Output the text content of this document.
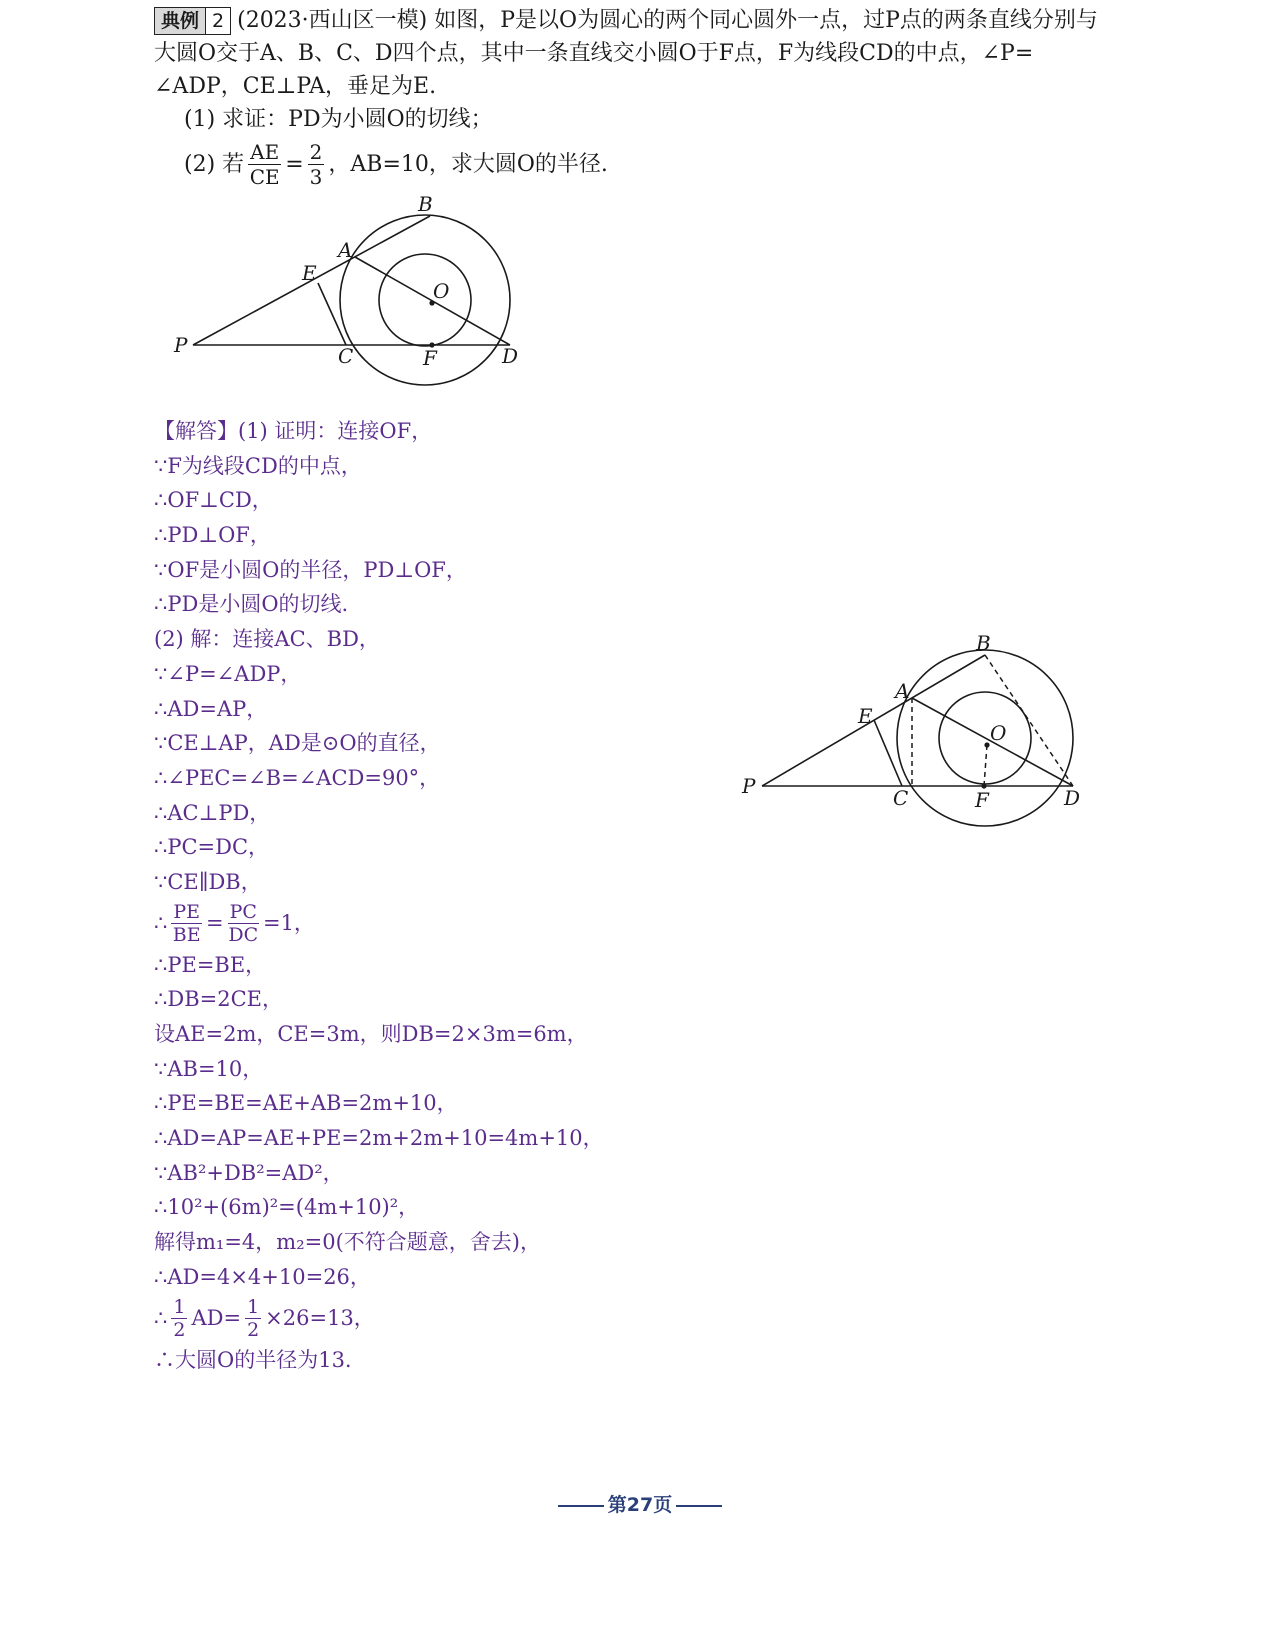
典例 2 (2023·西山区一模) 如图，P是以O为圆心的两个同心圆外一点，过P点的两条直线分别与

大圆O交于A、B、C、D四个点，其中一条直线交小圆O于F点，F为线段CD的中点，∠P=

∠ADP，CE⊥PA，垂足为E.

(1) 求证：PD为小圆O的切线；

(2) 若 $\frac{AE}{CE} = \frac{2}{3}$ ，AB=10，求大圆O的半径.
B
A
E
O
P	C	F	D
【解答】(1) 证明：连接OF，
∵F为线段CD的中点，
∴OF⊥CD，
∴PD⊥OF，
∵OF是小圆O的半径，PD⊥OF，
∴PD是小圆O的切线.
(2) 解：连接AC、BD，
∵∠P=∠ADP，
∴AD=AP，
∵CE⊥AP，AD是⊙O的直径，
∴∠PEC=∠B=∠ACD=90°，
∴AC⊥PD，
∴PC=DC，
∵CE∥DB，
∴ $\frac{PE}{BE} = \frac{PC}{DC} =1$，
∴PE=BE，
∴DB=2CE，
设AE=2m，CE=3m，则DB=2×3m=6m，
∵AB=10，
∴PE=BE=AE+AB=2m+10，
∴AD=AP=AE+PE=2m+2m+10=4m+10，
∵AB²+DB²=AD²，
∴10²+(6m)²=(4m+10)²，
解得m₁=4，m₂=0(不符合题意，舍去)，
∴AD=4×4+10=26，
∴ $\frac{1}{2} AD= \frac{1}{2} \times 26=13$，
∴大圆O的半径为13.
B
A
E
O
P	C	F	D
第27页
